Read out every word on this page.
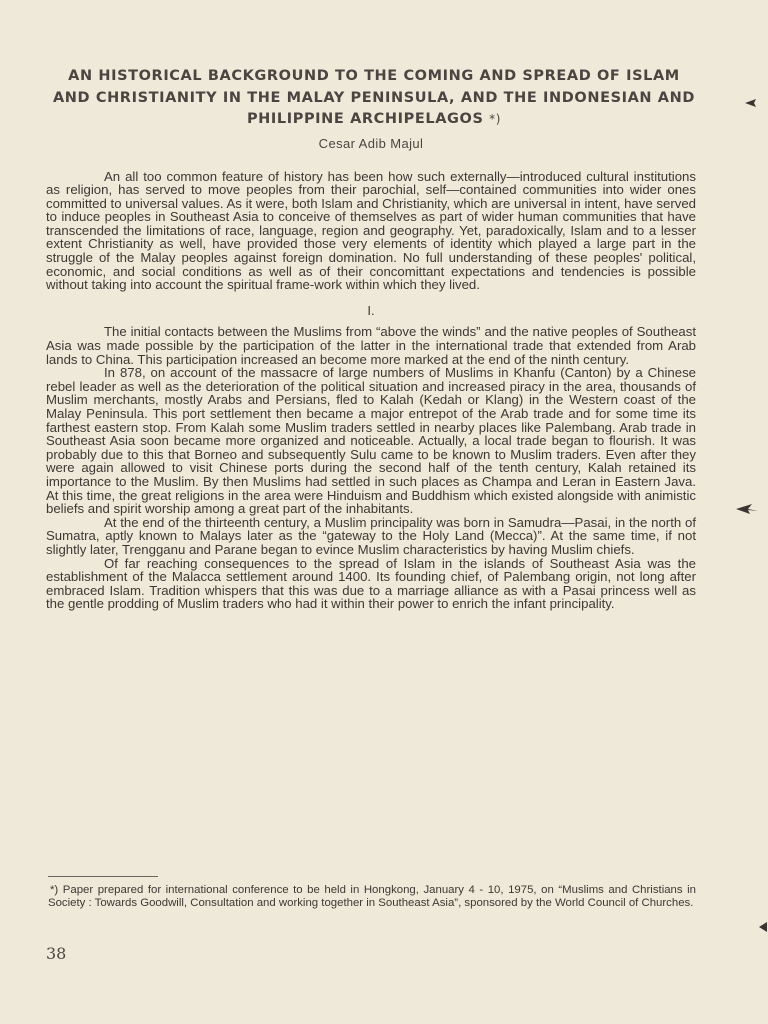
AN HISTORICAL BACKGROUND TO THE COMING AND SPREAD OF ISLAM AND CHRISTIANITY IN THE MALAY PENINSULA, AND THE INDONESIAN AND PHILIPPINE ARCHIPELAGOS *)
Cesar Adib Majul

An all too common feature of history has been how such externally—introduced cultural institutions as religion, has served to move peoples from their parochial, self—contained communities into wider ones committed to universal values. As it were, both Islam and Christianity, which are universal in intent, have served to induce peoples in Southeast Asia to conceive of themselves as part of wider human communities that have transcended the limitations of race, language, region and geography. Yet, paradoxically, Islam and to a lesser extent Christianity as well, have provided those very elements of identity which played a large part in the struggle of the Malay peoples against foreign domination. No full understanding of these peoples' political, economic, and social conditions as well as of their concomittant expectations and tendencies is possible without taking into account the spiritual frame-work within which they lived.

I.

The initial contacts between the Muslims from “above the winds” and the native peoples of Southeast Asia was made possible by the participation of the latter in the international trade that extended from Arab lands to China. This participation increased an become more marked at the end of the ninth century.

In 878, on account of the massacre of large numbers of Muslims in Khanfu (Canton) by a Chinese rebel leader as well as the deterioration of the political situation and increased piracy in the area, thousands of Muslim merchants, mostly Arabs and Persians, fled to Kalah (Kedah or Klang) in the Western coast of the Malay Peninsula. This port settlement then became a major entrepot of the Arab trade and for some time its farthest eastern stop. From Kalah some Muslim traders settled in nearby places like Palembang. Arab trade in Southeast Asia soon became more organized and noticeable. Actually, a local trade began to flourish. It was probably due to this that Borneo and subsequently Sulu came to be known to Muslim traders. Even after they were again allowed to visit Chinese ports during the second half of the tenth century, Kalah retained its importance to the Muslim. By then Muslims had settled in such places as Champa and Leran in Eastern Java. At this time, the great religions in the area were Hinduism and Buddhism which existed alongside with animistic beliefs and spirit worship among a great part of the inhabitants.

At the end of the thirteenth century, a Muslim principality was born in Samudra—Pasai, in the north of Sumatra, aptly known to Malays later as the “gateway to the Holy Land (Mecca)”. At the same time, if not slightly later, Trengganu and Parane began to evince Muslim characteristics by having Muslim chiefs.

Of far reaching consequences to the spread of Islam in the islands of Southeast Asia was the establishment of the Malacca settlement around 1400. Its founding chief, of Palembang origin, not long after embraced Islam. Tradition whispers that this was due to a marriage alliance as with a Pasai princess well as the gentle prodding of Muslim traders who had it within their power to enrich the infant principality.

*) Paper prepared for international conference to be held in Hongkong, January 4 - 10, 1975, on “Muslims and Christians in Society : Towards Goodwill, Consultation and working together in Southeast Asia”, sponsored by the World Council of Churches.

38
